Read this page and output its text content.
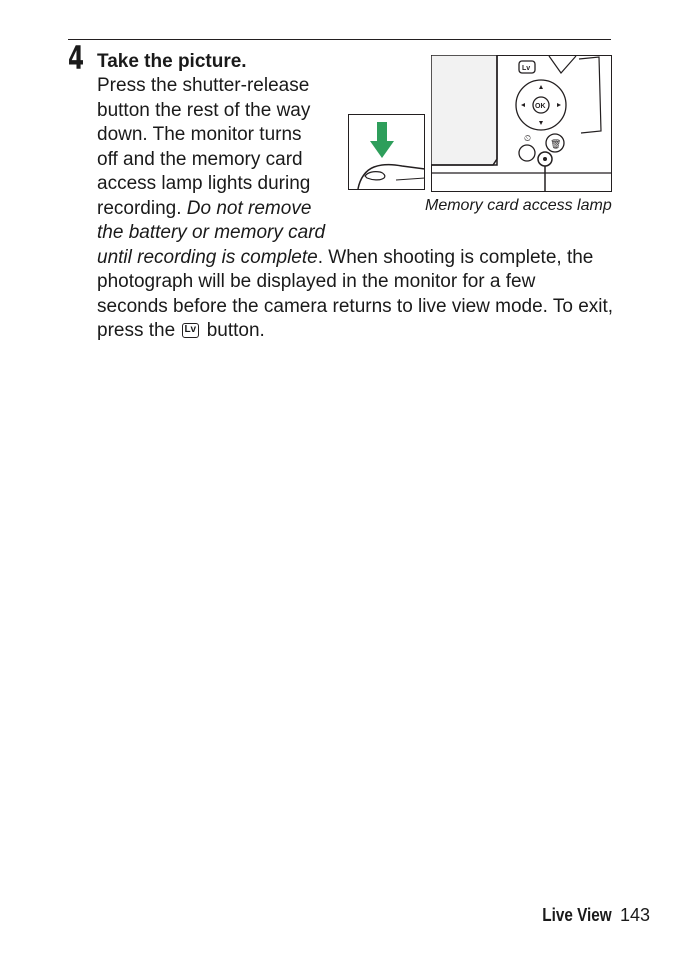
4 Take the picture.
Press the shutter-release
button the rest of the way
down. The monitor turns
off and the memory card
access lamp lights during
recording. Do not remove
the battery or memory card
until recording is complete. When shooting is complete, the
photograph will be displayed in the monitor for a few
seconds before the camera returns to live view mode. To exit,
press the Lv button.
Lv
OK
⏲
🗑
Memory card access lamp
Live View 143
